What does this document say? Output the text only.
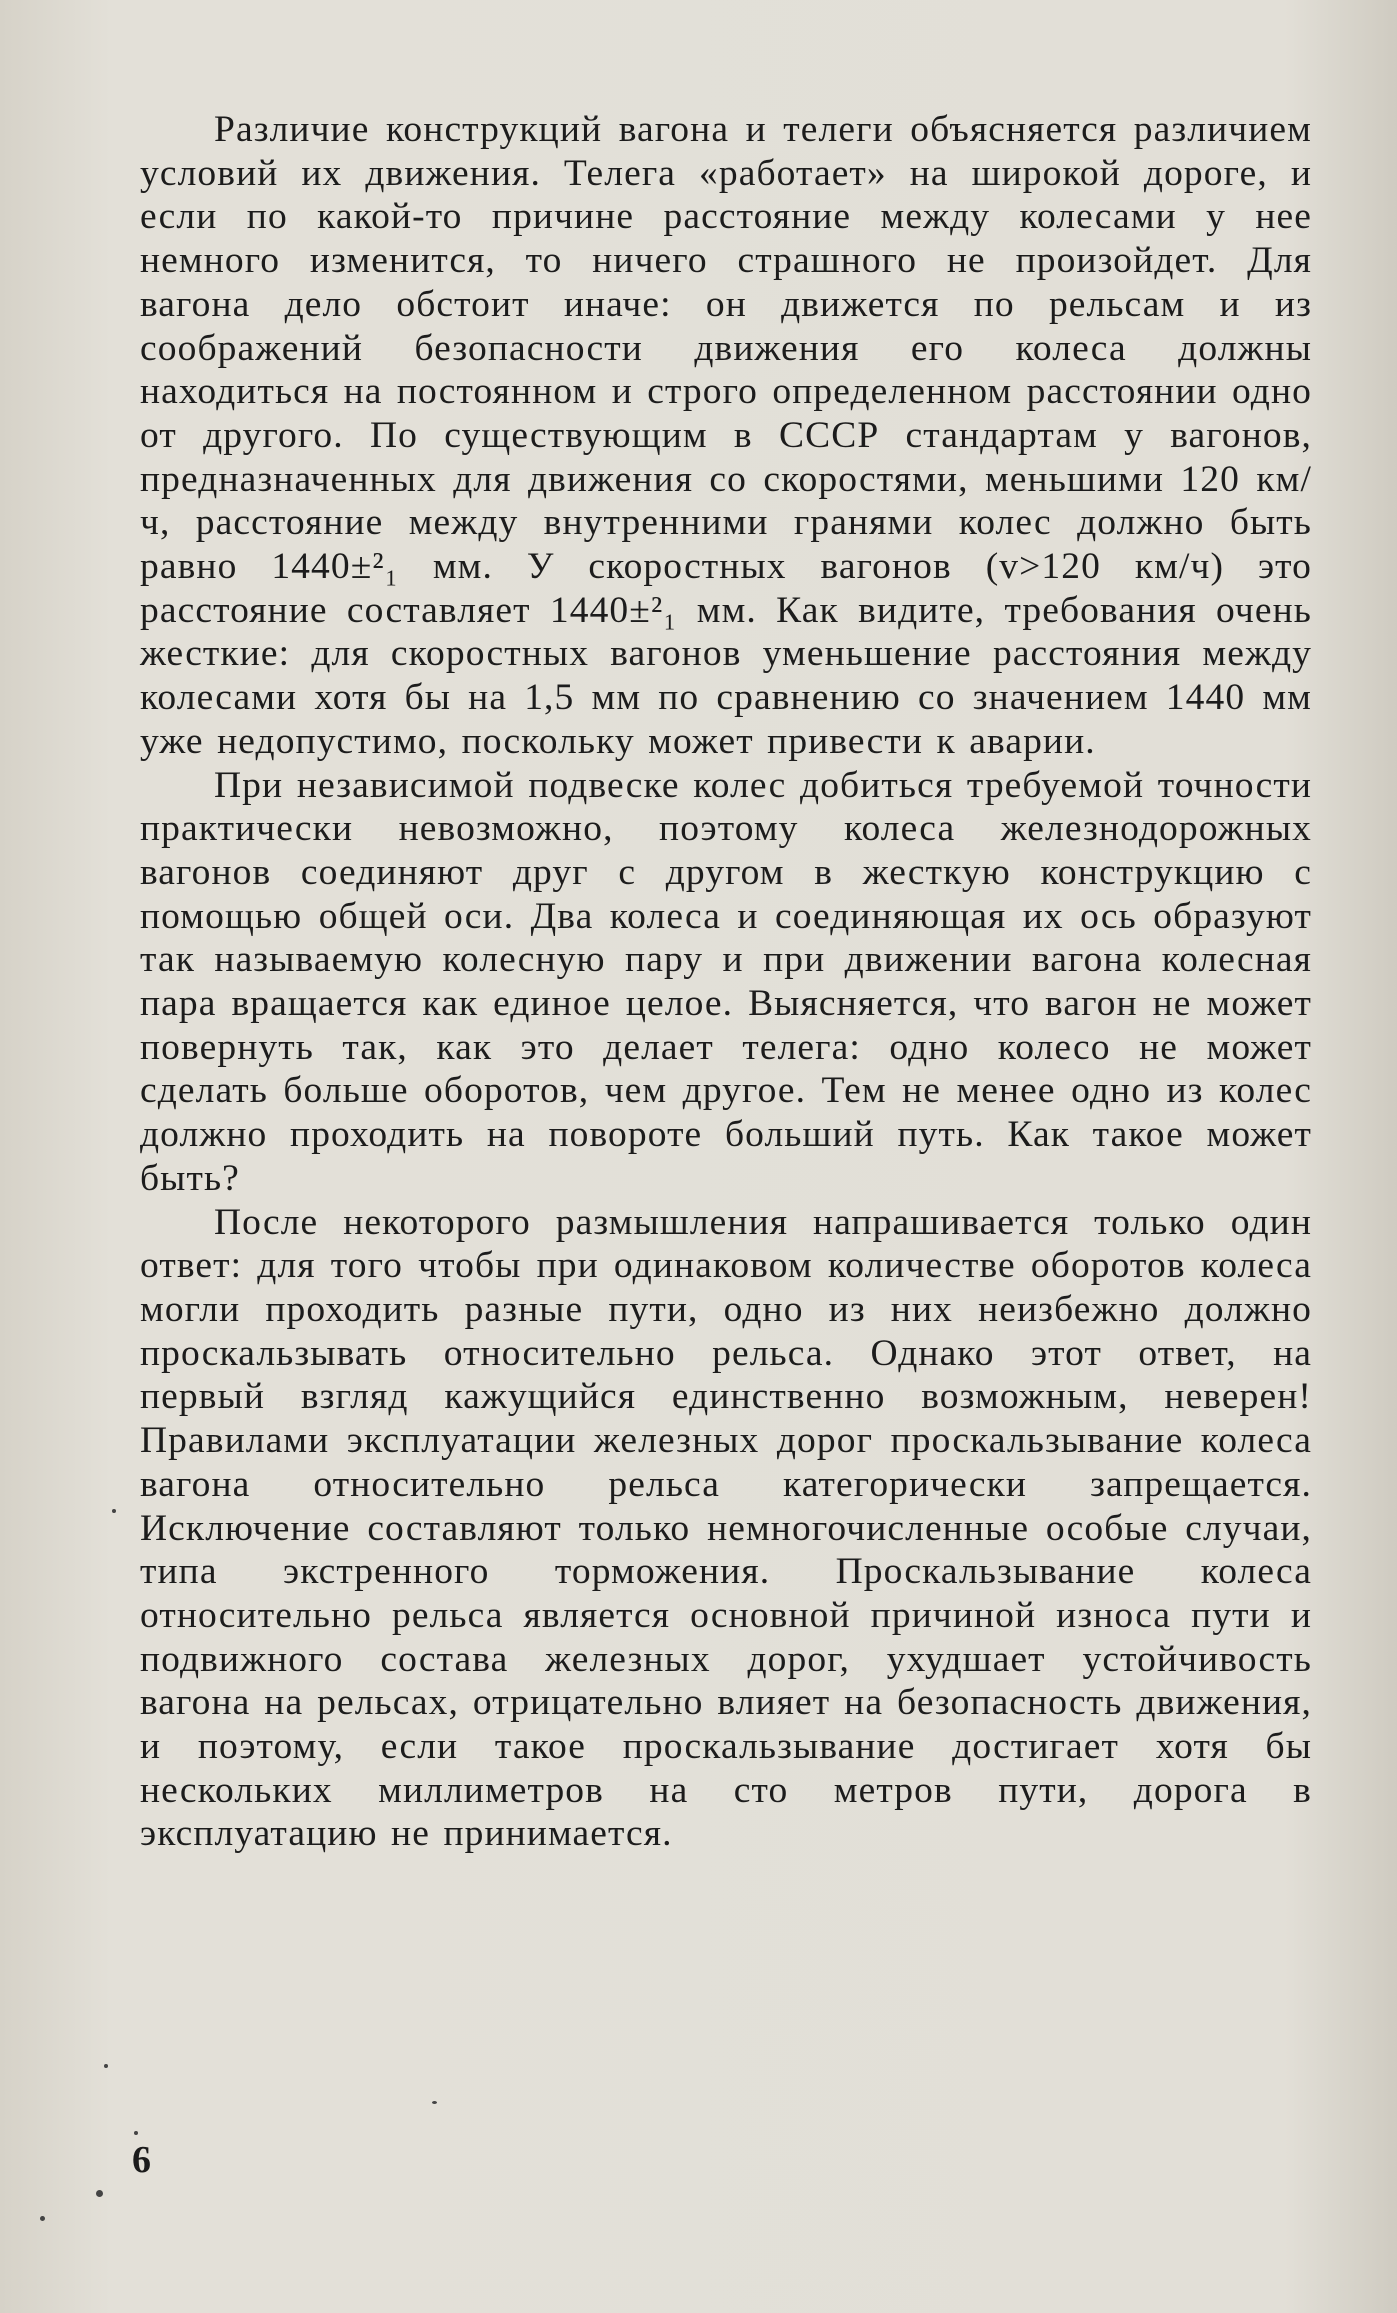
Различие конструкций вагона и телеги объясняется различием условий их движения. Телега «работает» на широкой дороге, и если по какой-то причине расстояние между колесами у нее немного изменится, то ничего страшного не произойдет. Для вагона дело обстоит иначе: он движется по рельсам и из соображений безопасности движения его колеса должны находиться на постоянном и строго определенном расстоянии одно от другого. По существующим в СССР стандартам у вагонов, предназначенных для движения со скоростями, меньшими 120 км/ч, расстояние между внутренними гранями колес должно быть равно 1440±²₁ мм. У скоростных вагонов (v>120 км/ч) это расстояние составляет 1440±²₁ мм. Как видите, требования очень жесткие: для скоростных вагонов уменьшение расстояния между колесами хотя бы на 1,5 мм по сравнению со значением 1440 мм уже недопустимо, поскольку может привести к аварии.

При независимой подвеске колес добиться требуемой точности практически невозможно, поэтому колеса железнодорожных вагонов соединяют друг с другом в жесткую конструкцию с помощью общей оси. Два колеса и соединяющая их ось образуют так называемую колесную пару и при движении вагона колесная пара вращается как единое целое. Выясняется, что вагон не может повернуть так, как это делает телега: одно колесо не может сделать больше оборотов, чем другое. Тем не менее одно из колес должно проходить на повороте больший путь. Как такое может быть?

После некоторого размышления напрашивается только один ответ: для того чтобы при одинаковом количестве оборотов колеса могли проходить разные пути, одно из них неизбежно должно проскальзывать относительно рельса. Однако этот ответ, на первый взгляд кажущийся единственно возможным, неверен! Правилами эксплуатации железных дорог проскальзывание колеса вагона относительно рельса категорически запрещается. Исключение составляют только немногочисленные особые случаи, типа экстренного торможения. Проскальзывание колеса относительно рельса является основной причиной износа пути и подвижного состава железных дорог, ухудшает устойчивость вагона на рельсах, отрицательно влияет на безопасность движения, и поэтому, если такое проскальзывание достигает хотя бы нескольких миллиметров на сто метров пути, дорога в эксплуатацию не принимается.

6
